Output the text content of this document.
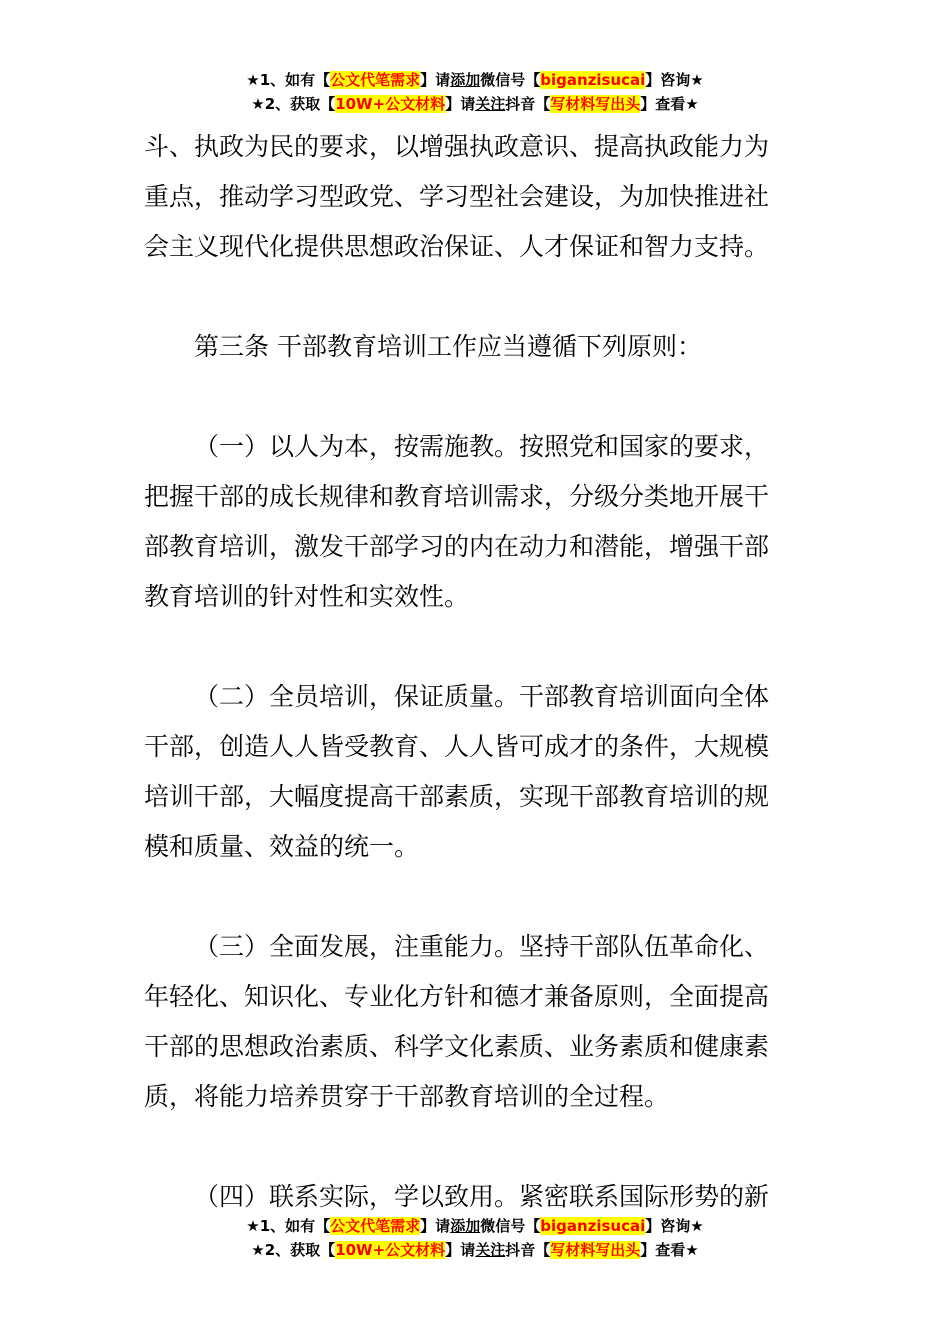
★1、如有【公文代笔需求】请添加微信号【biganzisucai】咨询★
★2、获取【10W+公文材料】请关注抖音【写材料写出头】查看★
斗、执政为民的要求，以增强执政意识、提高执政能力为
重点，推动学习型政党、学习型社会建设，为加快推进社
会主义现代化提供思想政治保证、人才保证和智力支持。
第三条 干部教育培训工作应当遵循下列原则：
（一）以人为本，按需施教。按照党和国家的要求，
把握干部的成长规律和教育培训需求，分级分类地开展干
部教育培训，激发干部学习的内在动力和潜能，增强干部
教育培训的针对性和实效性。
（二）全员培训，保证质量。干部教育培训面向全体
干部，创造人人皆受教育、人人皆可成才的条件，大规模
培训干部，大幅度提高干部素质，实现干部教育培训的规
模和质量、效益的统一。
（三）全面发展，注重能力。坚持干部队伍革命化、
年轻化、知识化、专业化方针和德才兼备原则，全面提高
干部的思想政治素质、科学文化素质、业务素质和健康素
质，将能力培养贯穿于干部教育培训的全过程。
（四）联系实际，学以致用。紧密联系国际形势的新
★1、如有【公文代笔需求】请添加微信号【biganzisucai】咨询★
★2、获取【10W+公文材料】请关注抖音【写材料写出头】查看★
